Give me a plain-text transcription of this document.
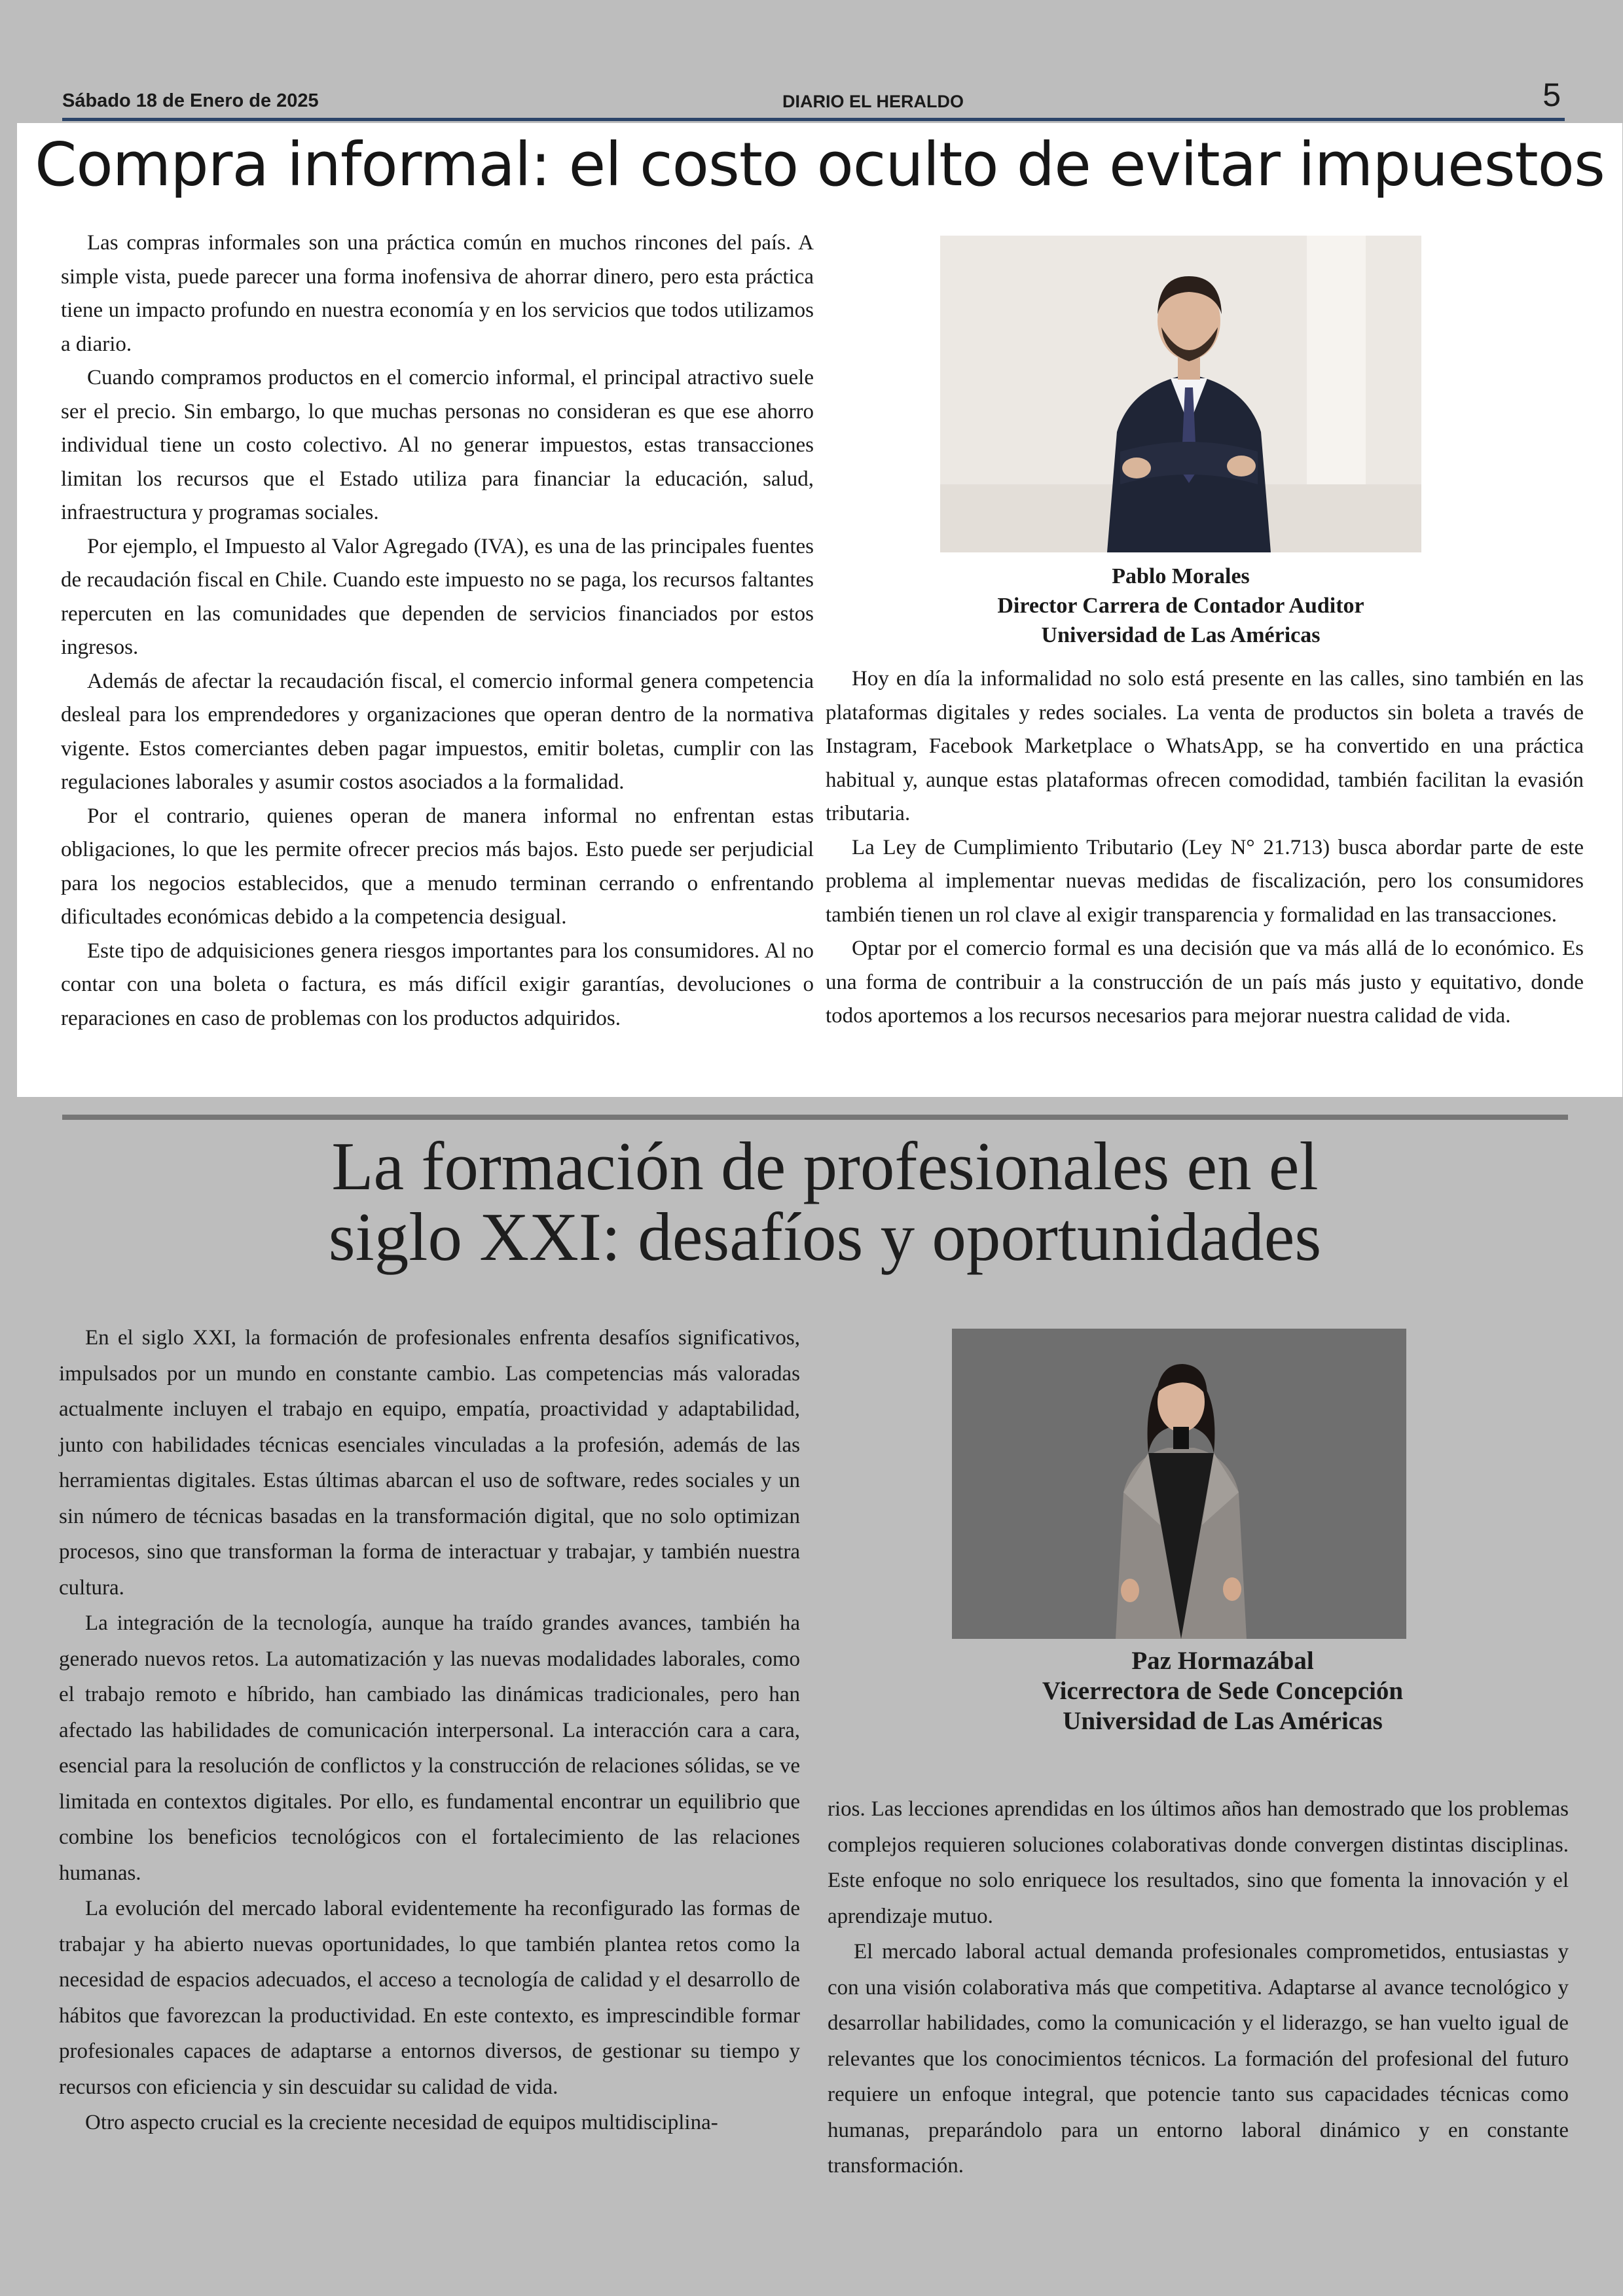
Sábado 18 de Enero de 2025	DIARIO EL HERALDO	5
Compra informal: el costo oculto de evitar impuestos

Las compras informales son una práctica común en muchos rincones del país. A simple vista, puede parecer una forma inofensiva de ahorrar dinero, pero esta práctica tiene un impacto profundo en nuestra economía y en los servicios que todos utilizamos a diario.

Cuando compramos productos en el comercio informal, el principal atractivo suele ser el precio. Sin embargo, lo que muchas personas no consideran es que ese ahorro individual tiene un costo colectivo. Al no generar impuestos, estas transacciones limitan los recursos que el Estado utiliza para financiar la educación, salud, infraestructura y programas sociales.

Por ejemplo, el Impuesto al Valor Agregado (IVA), es una de las principales fuentes de recaudación fiscal en Chile. Cuando este impuesto no se paga, los recursos faltantes repercuten en las comunidades que dependen de servicios financiados por estos ingresos.

Además de afectar la recaudación fiscal, el comercio informal genera competencia desleal para los emprendedores y organizaciones que operan dentro de la normativa vigente. Estos comerciantes deben pagar impuestos, emitir boletas, cumplir con las regulaciones laborales y asumir costos asociados a la formalidad.

Por el contrario, quienes operan de manera informal no enfrentan estas obligaciones, lo que les permite ofrecer precios más bajos. Esto puede ser perjudicial para los negocios establecidos, que a menudo terminan cerrando o enfrentando dificultades económicas debido a la competencia desigual.

Este tipo de adquisiciones genera riesgos importantes para los consumidores. Al no contar con una boleta o factura, es más difícil exigir garantías, devoluciones o reparaciones en caso de problemas con los productos adquiridos.

Pablo Morales
Director Carrera de Contador Auditor
Universidad de Las Américas

Hoy en día la informalidad no solo está presente en las calles, sino también en las plataformas digitales y redes sociales. La venta de productos sin boleta a través de Instagram, Facebook Marketplace o WhatsApp, se ha convertido en una práctica habitual y, aunque estas plataformas ofrecen comodidad, también facilitan la evasión tributaria.

La Ley de Cumplimiento Tributario (Ley N° 21.713) busca abordar parte de este problema al implementar nuevas medidas de fiscalización, pero los consumidores también tienen un rol clave al exigir transparencia y formalidad en las transacciones.

Optar por el comercio formal es una decisión que va más allá de lo económico. Es una forma de contribuir a la construcción de un país más justo y equitativo, donde todos aportemos a los recursos necesarios para mejorar nuestra calidad de vida.

La formación de profesionales en el
siglo XXI: desafíos y oportunidades

En el siglo XXI, la formación de profesionales enfrenta desafíos significativos, impulsados por un mundo en constante cambio. Las competencias más valoradas actualmente incluyen el trabajo en equipo, empatía, proactividad y adaptabilidad, junto con habilidades técnicas esenciales vinculadas a la profesión, además de las herramientas digitales. Estas últimas abarcan el uso de software, redes sociales y un sin número de técnicas basadas en la transformación digital, que no solo optimizan procesos, sino que transforman la forma de interactuar y trabajar, y también nuestra cultura.

La integración de la tecnología, aunque ha traído grandes avances, también ha generado nuevos retos. La automatización y las nuevas modalidades laborales, como el trabajo remoto e híbrido, han cambiado las dinámicas tradicionales, pero han afectado las habilidades de comunicación interpersonal. La interacción cara a cara, esencial para la resolución de conflictos y la construcción de relaciones sólidas, se ve limitada en contextos digitales. Por ello, es fundamental encontrar un equilibrio que combine los beneficios tecnológicos con el fortalecimiento de las relaciones humanas.

La evolución del mercado laboral evidentemente ha reconfigurado las formas de trabajar y ha abierto nuevas oportunidades, lo que también plantea retos como la necesidad de espacios adecuados, el acceso a tecnología de calidad y el desarrollo de hábitos que favorezcan la productividad. En este contexto, es imprescindible formar profesionales capaces de adaptarse a entornos diversos, de gestionar su tiempo y recursos con eficiencia y sin descuidar su calidad de vida.

Otro aspecto crucial es la creciente necesidad de equipos multidisciplina-

Paz Hormazábal
Vicerrectora de Sede Concepción
Universidad de Las Américas

rios. Las lecciones aprendidas en los últimos años han demostrado que los problemas complejos requieren soluciones colaborativas donde convergen distintas disciplinas. Este enfoque no solo enriquece los resultados, sino que fomenta la innovación y el aprendizaje mutuo.

El mercado laboral actual demanda profesionales comprometidos, entusiastas y con una visión colaborativa más que competitiva. Adaptarse al avance tecnológico y desarrollar habilidades, como la comunicación y el liderazgo, se han vuelto igual de relevantes que los conocimientos técnicos. La formación del profesional del futuro requiere un enfoque integral, que potencie tanto sus capacidades técnicas como humanas, preparándolo para un entorno laboral dinámico y en constante transformación.
